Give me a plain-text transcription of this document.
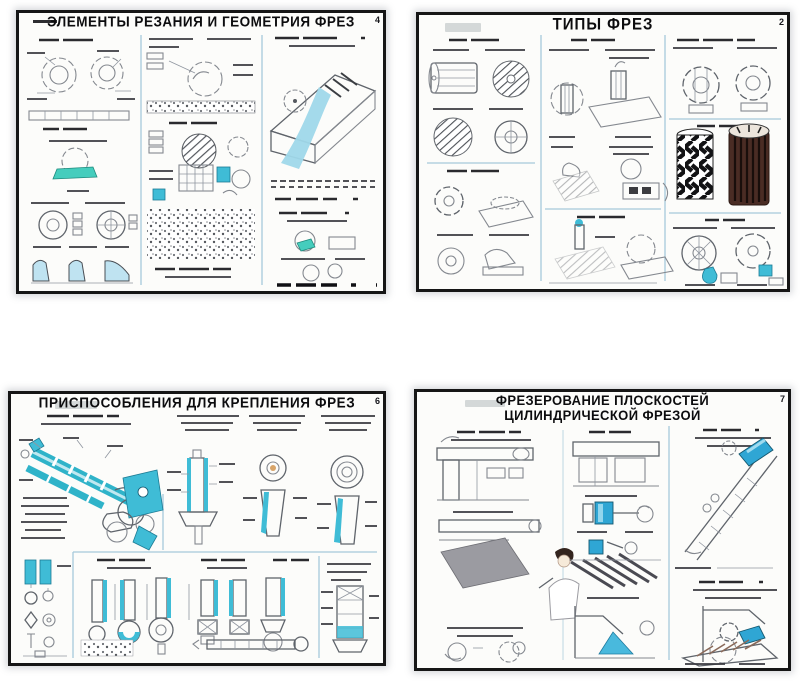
ЭЛЕМЕНТЫ РЕЗАНИЯ И ГЕОМЕТРИЯ ФРЕЗ	4	ТИПЫ ФРЕЗ	2
ПРИСПОСОБЛЕНИЯ ДЛЯ КРЕПЛЕНИЯ ФРЕЗ	6	ФРЕЗЕРОВАНИЕ ПЛОСКОСТЕЙ
ЦИЛИНДРИЧЕСКОЙ ФРЕЗОЙ
7
